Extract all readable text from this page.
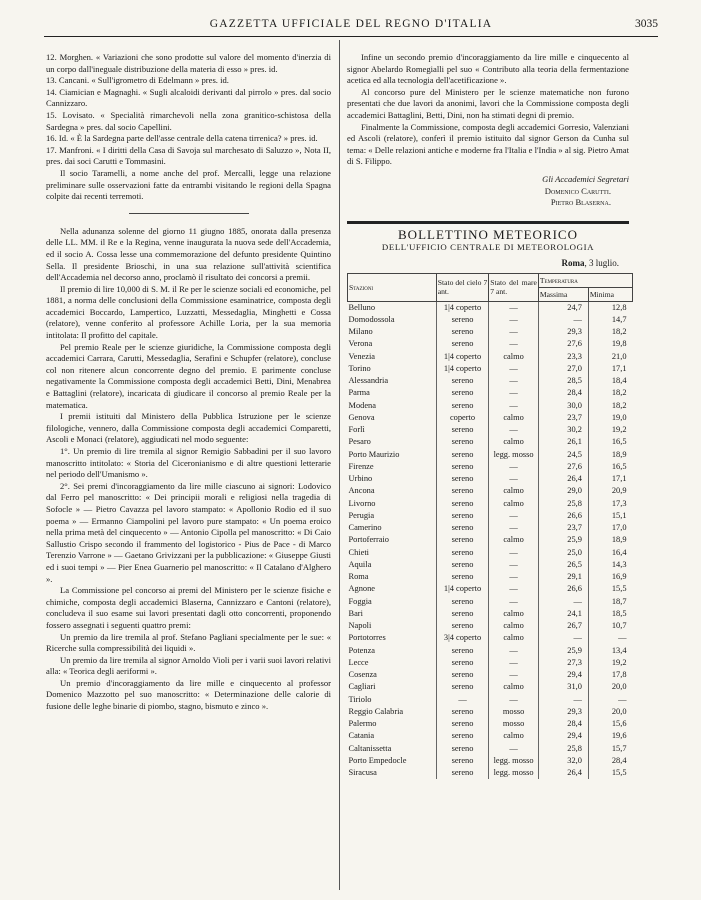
GAZZETTA UFFICIALE DEL REGNO D'ITALIA	3035

12. Morghen. « Variazioni che sono prodotte sul valore del momento d'inerzia di un corpo dall'ineguale distribuzione della materia di esso » pres. id.

13. Cancani. « Sull'igrometro di Edelmann » pres. id.

14. Ciamician e Magnaghi. « Sugli alcaloidi derivanti dal pirrolo » pres. dal socio Cannizzaro.

15. Lovisato. « Specialità rimarchevoli nella zona granitico-schistosa della Sardegna » pres. dal socio Capellini.

16. Id. « È la Sardegna parte dell'asse centrale della catena tirrenica? » pres. id.

17. Manfroni. « I diritti della Casa di Savoja sul marchesato di Saluzzo », Nota II, pres. dai soci Carutti e Tommasini.

Il socio Taramelli, a nome anche del prof. Mercalli, legge una relazione preliminare sulle osservazioni fatte da entrambi visitando le regioni della Spagna colpite dai recenti terremoti.

Nella adunanza solenne del giorno 11 giugno 1885, onorata dalla presenza delle LL. MM. il Re e la Regina, venne inaugurata la nuova sede dell'Accademia, ed il socio A. Cossa lesse una commemorazione del defunto presidente Quintino Sella. Il presidente Brioschi, in una sua relazione sull'attività scientifica dell'Accademia nel decorso anno, proclamò il risultato dei concorsi a premii.

Il premio di lire 10,000 di S. M. il Re per le scienze sociali ed economiche, pel 1881, a norma delle conclusioni della Commissione esaminatrice, composta degli accademici Boccardo, Lampertico, Luzzatti, Messedaglia, Minghetti e Cossa (relatore), venne conferito al professore Achille Loria, per la sua memoria intitolata: Il profitto del capitale.

Pel premio Reale per le scienze giuridiche, la Commissione composta degli accademici Carrara, Carutti, Messedaglia, Serafini e Schupfer (relatore), concluse col non ritenere alcun concorrente degno del premio. E parimente concluse negativamente la Commissione composta degli accademici Betti, Dini, Menabrea e Battaglini (relatore), incaricata di giudicare il concorso al premio Reale per la matematica.

I premii istituiti dal Ministero della Pubblica Istruzione per le scienze filologiche, vennero, dalla Commissione composta degli accademici Comparetti, Ascoli e Monaci (relatore), aggiudicati nel modo seguente:

1°. Un premio di lire tremila al signor Remigio Sabbadini per il suo lavoro manoscritto intitolato: « Storia del Ciceronianismo e di altre questioni letterarie nel periodo dell'Umanismo ».

2°. Sei premi d'incoraggiamento da lire mille ciascuno ai signori: Lodovico dal Ferro pel manoscritto: « Dei principii morali e religiosi nella tragedia di Sofocle » — Pietro Cavazza pel lavoro stampato: « Apollonio Rodio ed il suo poema » — Ermanno Ciampolini pel lavoro pure stampato: « Un poema eroico nella prima metà del cinquecento » — Antonio Cipolla pel manoscritto: « Di Caio Sallustio Crispo secondo il frammento del logistorico - Pius de Pace - di Marco Terenzio Varrone » — Gaetano Grivizzani per la pubblicazione: « Giuseppe Giusti ed i suoi tempi » — Pier Enea Guarnerio pel manoscritto: « Il Catalano d'Alghero ».

La Commissione pel concorso ai premi del Ministero per le scienze fisiche e chimiche, composta degli accademici Blaserna, Cannizzaro e Cantoni (relatore), concludeva il suo esame sui lavori presentati dagli otto concorrenti, proponendo fossero assegnati i seguenti quattro premi:

Un premio da lire tremila al prof. Stefano Pagliani specialmente per le sue: « Ricerche sulla compressibilità dei liquidi ».

Un premio da lire tremila al signor Arnoldo Violi per i varii suoi lavori relativi alla: « Teorica degli aeriformi ».

Un premio d'incoraggiamento da lire mille e cinquecento al professor Domenico Mazzotto pel suo manoscritto: « Determinazione delle calorie di fusione delle leghe binarie di piombo, stagno, bismuto e zinco ».

Infine un secondo premio d'incoraggiamento da lire mille e cinquecento al signor Abelardo Romegialli pel suo « Contributo alla teoria della fermentazione acetica ed alla tecnologia dell'acetificazione ».

Al concorso pure del Ministero per le scienze matematiche non furono presentati che due lavori da anonimi, lavori che la Commissione composta degli accademici Battaglini, Betti, Dini, non ha stimati degni di premio.

Finalmente la Commissione, composta degli accademici Gorresio, Valenziani ed Ascoli (relatore), conferì il premio istituito dal signor Gerson da Cunha sul tema: « Delle relazioni antiche e moderne fra l'Italia e l'India » al sig. Pietro Amat di S. Filippo.

Gli Accademici Segretari
Domenico Carutti.
Pietro Blaserna.
BOLLETTINO METEORICO
DELL'UFFICIO CENTRALE DI METEOROLOGIA
Roma, 3 luglio.
Stazioni	Stato del cielo 7 ant.	Stato del mare 7 ant.	Temperatura	
			Massima	Minima
Belluno	1|4 coperto	—	24,7	12,8
Domodossola	sereno	—	—	14,7
Milano	sereno	—	29,3	18,2
Verona	sereno	—	27,6	19,8
Venezia	1|4 coperto	calmo	23,3	21,0
Torino	1|4 coperto	—	27,0	17,1
Alessandria	sereno	—	28,5	18,4
Parma	sereno	—	28,4	18,2
Modena	sereno	—	30,0	18,2
Genova	coperto	calmo	23,7	19,0
Forlì	sereno	—	30,2	19,2
Pesaro	sereno	calmo	26,1	16,5
Porto Maurizio	sereno	legg. mosso	24,5	18,9
Firenze	sereno	—	27,6	16,5
Urbino	sereno	—	26,4	17,1
Ancona	sereno	calmo	29,0	20,9
Livorno	sereno	calmo	25,8	17,3
Perugia	sereno	—	26,6	15,1
Camerino	sereno	—	23,7	17,0
Portoferraio	sereno	calmo	25,9	18,9
Chieti	sereno	—	25,0	16,4
Aquila	sereno	—	26,5	14,3
Roma	sereno	—	29,1	16,9
Agnone	1|4 coperto	—	26,6	15,5
Foggia	sereno	—	—	18,7
Bari	sereno	calmo	24,1	18,5
Napoli	sereno	calmo	26,7	10,7
Portotorres	3|4 coperto	calmo	—	—
Potenza	sereno	—	25,9	13,4
Lecce	sereno	—	27,3	19,2
Cosenza	sereno	—	29,4	17,8
Cagliari	sereno	calmo	31,0	20,0
Tiriolo	—	—	—	—
Reggio Calabria	sereno	mosso	29,3	20,0
Palermo	sereno	mosso	28,4	15,6
Catania	sereno	calmo	29,4	19,6
Caltanissetta	sereno	—	25,8	15,7
Porto Empedocle	sereno	legg. mosso	32,0	28,4
Siracusa	sereno	legg. mosso	26,4	15,5
